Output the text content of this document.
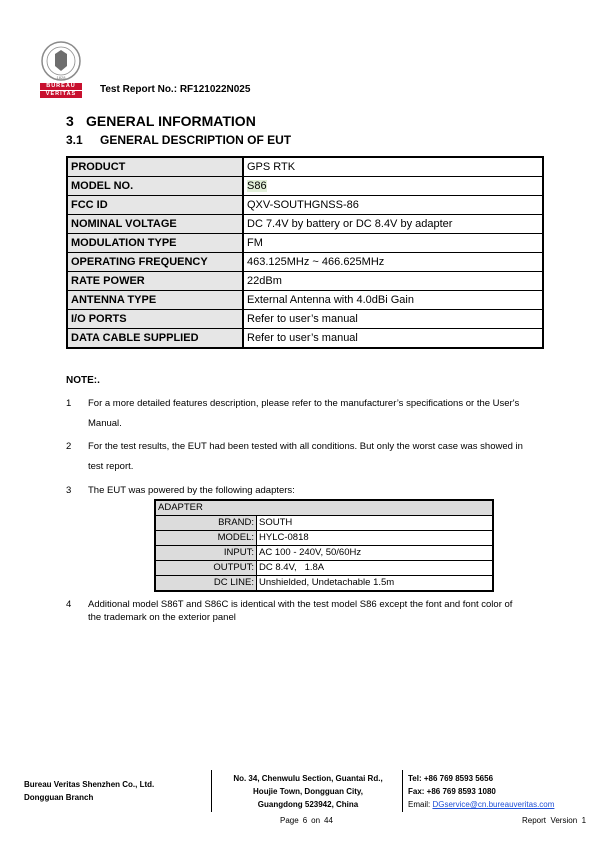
BUREAU
VERITAS
1828
Test Report No.: RF121022N025
3 GENERAL INFORMATION
3.1 GENERAL DESCRIPTION OF EUT
PRODUCT	GPS RTK
MODEL NO.	S86
FCC ID	QXV-SOUTHGNSS-86
NOMINAL VOLTAGE	DC 7.4V by battery or DC 8.4V by adapter
MODULATION TYPE	FM
OPERATING FREQUENCY	463.125MHz ~ 466.625MHz
RATE POWER	22dBm
ANTENNA TYPE	External Antenna with 4.0dBi Gain
I/O PORTS	Refer to user’s manual
DATA CABLE SUPPLIED	Refer to user’s manual
NOTE:.
1 For a more detailed features description, please refer to the manufacturer’s specifications or the User's Manual.
2 For the test results, the EUT had been tested with all conditions. But only the worst case was showed in test report.
3 The EUT was powered by the following adapters:
ADAPTER	
BRAND:	SOUTH
MODEL:	HYLC-0818
INPUT:	AC 100 - 240V, 50/60Hz
OUTPUT:	DC 8.4V,   1.8A
DC LINE:	Unshielded, Undetachable 1.5m
4 Additional model S86T and S86C is identical with the test model S86 except the font and font color of the trademark on the exterior panel
Bureau Veritas Shenzhen Co., Ltd.
Dongguan Branch
No. 34, Chenwulu Section, Guantai Rd.,
Houjie Town, Dongguan City,
Guangdong 523942, China
Tel: +86 769 8593 5656
Fax: +86 769 8593 1080
Email: DGservice@cn.bureauveritas.com
Page 6 on 44	Report  Version  1
